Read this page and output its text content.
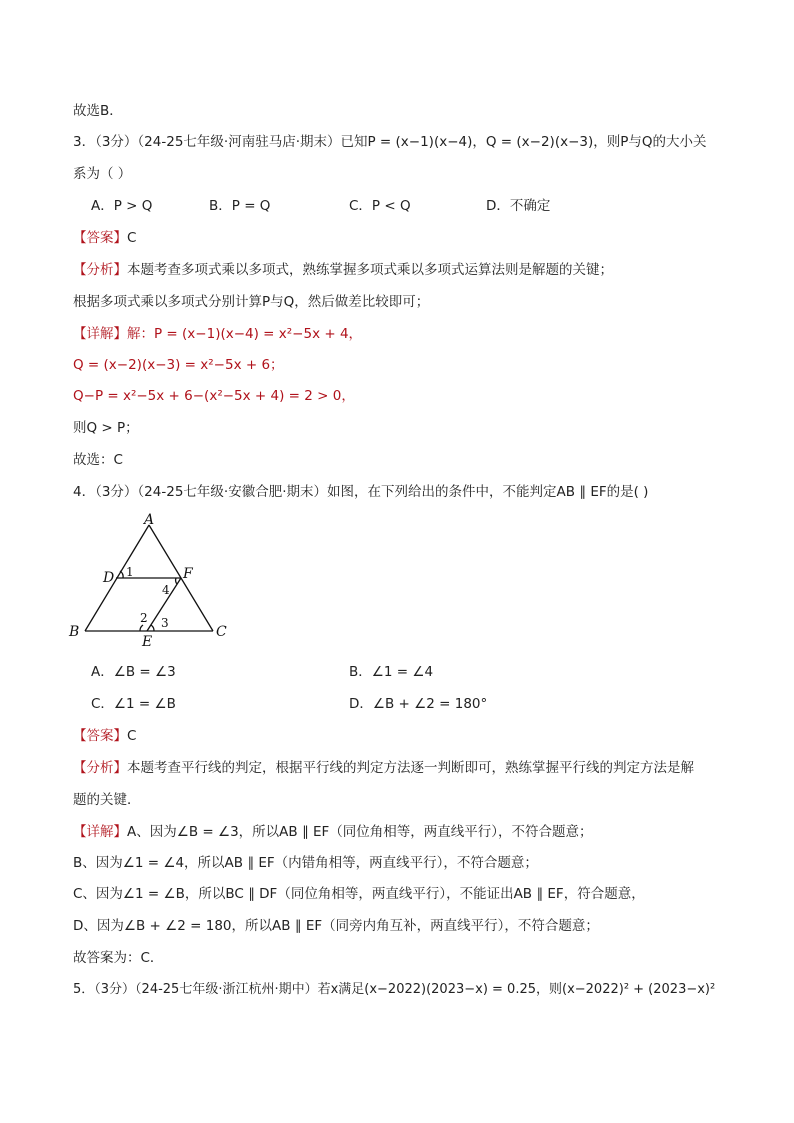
故选B．
3．（3分）（24-25七年级·河南驻马店·期末）已知P = (x−1)(x−4)，Q = (x−2)(x−3)，则P与Q的大小关
系为（ ）
A．P > Q	B．P = Q	C．P < Q	D．不确定
【答案】C
【分析】本题考查多项式乘以多项式，熟练掌握多项式乘以多项式运算法则是解题的关键；
根据多项式乘以多项式分别计算P与Q，然后做差比较即可；
【详解】解：P = (x−1)(x−4) = x²−5x + 4，
Q = (x−2)(x−3) = x²−5x + 6；
Q−P = x²−5x + 6−(x²−5x + 4) = 2 > 0，
则Q > P；
故选：C
4．（3分）（24-25七年级·安徽合肥·期末）如图，在下列给出的条件中，不能判定AB ∥ EF的是( )
A
B	C
D
E
F
1
4
2 3
A．∠B = ∠3	B．∠1 = ∠4
C．∠1 = ∠B	D．∠B + ∠2 = 180°
【答案】C
【分析】本题考查平行线的判定，根据平行线的判定方法逐一判断即可，熟练掌握平行线的判定方法是解
题的关键．
【详解】A、因为∠B = ∠3，所以AB ∥ EF（同位角相等，两直线平行），不符合题意；
B、因为∠1 = ∠4，所以AB ∥ EF（内错角相等，两直线平行），不符合题意；
C、因为∠1 = ∠B，所以BC ∥ DF（同位角相等，两直线平行），不能证出AB ∥ EF，符合题意，
D、因为∠B + ∠2 = 180，所以AB ∥ EF（同旁内角互补，两直线平行），不符合题意；
故答案为：C．
5．（3分）（24-25七年级·浙江杭州·期中）若x满足(x−2022)(2023−x) = 0.25，则(x−2022)² + (2023−x)²
